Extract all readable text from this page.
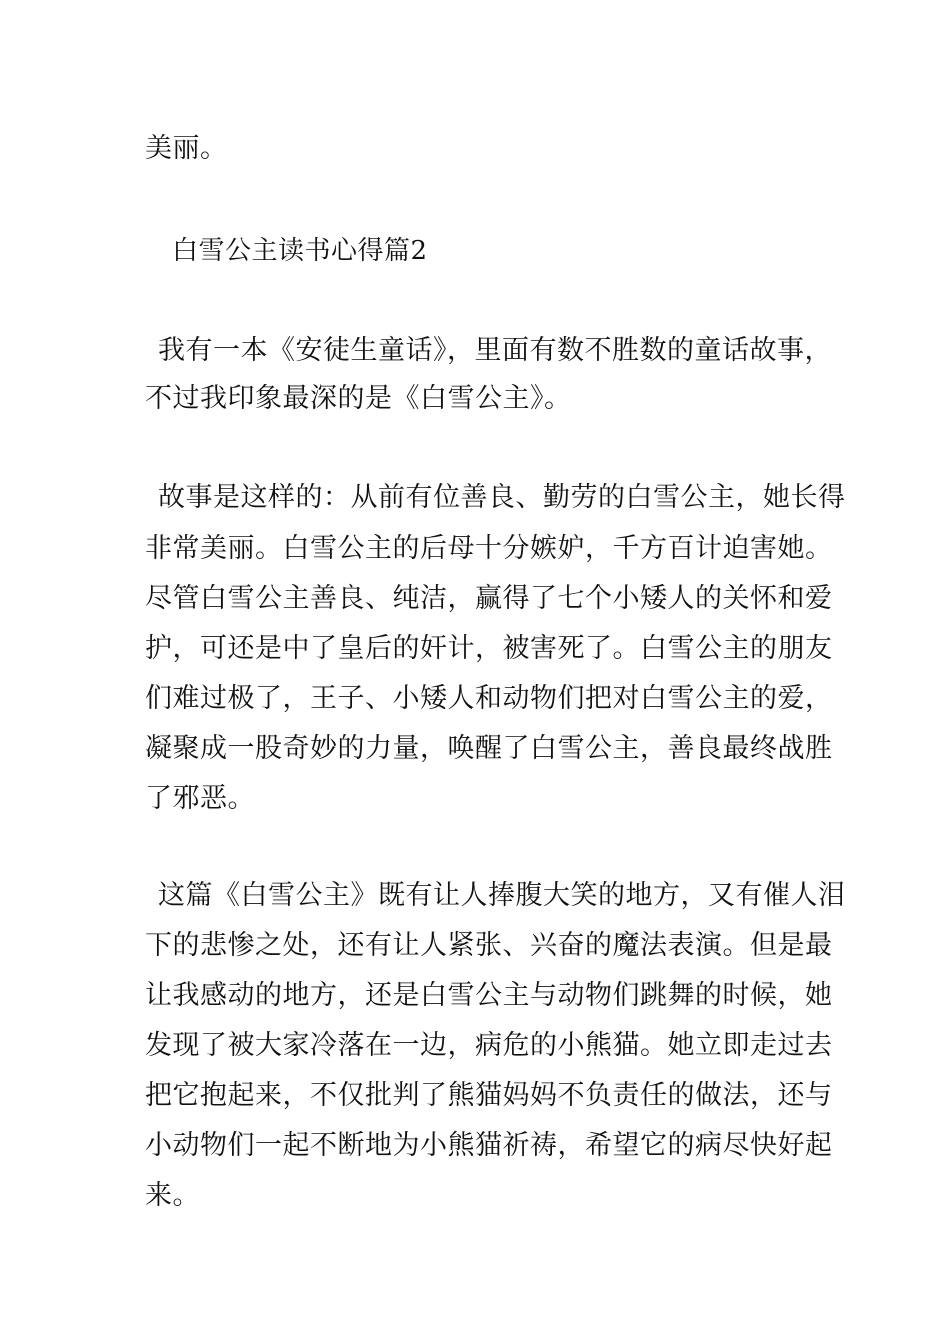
美丽。
白雪公主读书心得篇2
我有一本《安徒生童话》，里面有数不胜数的童话故事，
不过我印象最深的是《白雪公主》。
故事是这样的：从前有位善良、勤劳的白雪公主，她长得
非常美丽。白雪公主的后母十分嫉妒，千方百计迫害她。
尽管白雪公主善良、纯洁，赢得了七个小矮人的关怀和爱
护，可还是中了皇后的奸计，被害死了。白雪公主的朋友
们难过极了，王子、小矮人和动物们把对白雪公主的爱，
凝聚成一股奇妙的力量，唤醒了白雪公主，善良最终战胜
了邪恶。
这篇《白雪公主》既有让人捧腹大笑的地方，又有催人泪
下的悲惨之处，还有让人紧张、兴奋的魔法表演。但是最
让我感动的地方，还是白雪公主与动物们跳舞的时候，她
发现了被大家冷落在一边，病危的小熊猫。她立即走过去
把它抱起来，不仅批判了熊猫妈妈不负责任的做法，还与
小动物们一起不断地为小熊猫祈祷，希望它的病尽快好起
来。
